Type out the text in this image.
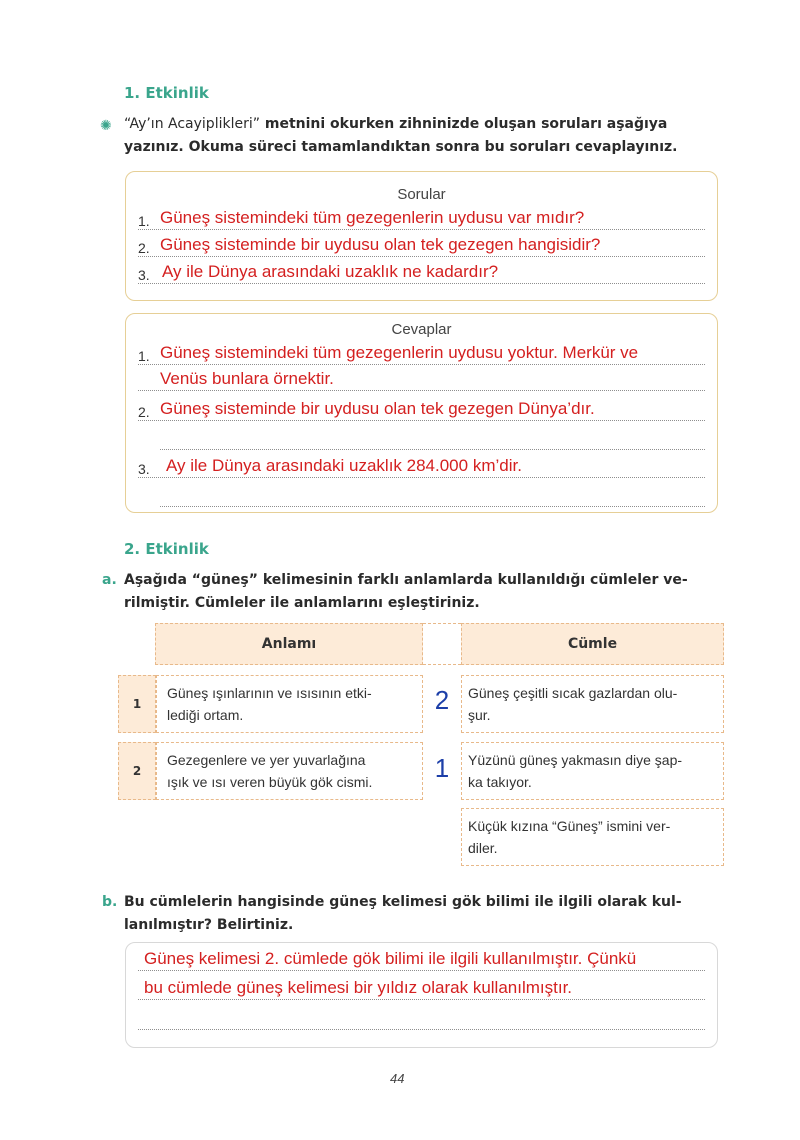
1. Etkinlik
✺ “Ay’ın Acayiplikleri” metnini okurken zihninizde oluşan soruları aşağıya
yazınız. Okuma süreci tamamlandıktan sonra bu soruları cevaplayınız.
Sorular
1. Güneş sistemindeki tüm gezegenlerin uydusu var mıdır?
2. Güneş sisteminde bir uydusu olan tek gezegen hangisidir?
3. Ay ile Dünya arasındaki uzaklık ne kadardır?
Cevaplar
1. Güneş sistemindeki tüm gezegenlerin uydusu yoktur. Merkür ve
Venüs bunlara örnektir.
2. Güneş sisteminde bir uydusu olan tek gezegen Dünya’dır.
3. Ay ile Dünya arasındaki uzaklık 284.000 km’dir.
2. Etkinlik
a. Aşağıda “güneş” kelimesinin farklı anlamlarda kullanıldığı cümleler ve-
rilmiştir. Cümleler ile anlamlarını eşleştiriniz.
Anlamı	Cümle
1
Güneş ışınlarının ve ısısının etki-
lediği ortam.
2
Gezegenlere ve yer yuvarlağına
ışık ve ısı veren büyük gök cismi.
2
1
Güneş çeşitli sıcak gazlardan olu-
şur.
Yüzünü güneş yakmasın diye şap-
ka takıyor.
Küçük kızına “Güneş” ismini ver-
diler.
b. Bu cümlelerin hangisinde güneş kelimesi gök bilimi ile ilgili olarak kul-
lanılmıştır? Belirtiniz.
Güneş kelimesi 2. cümlede gök bilimi ile ilgili kullanılmıştır. Çünkü
bu cümlede güneş kelimesi bir yıldız olarak kullanılmıştır.
44
